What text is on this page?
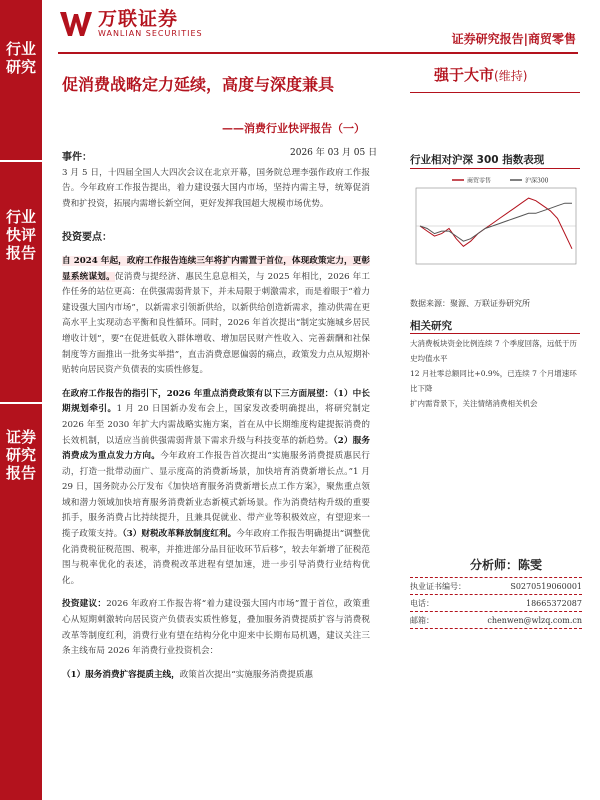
行业研究
行业快评报告
证券研究报告
万联证券
WANLIAN SECURITIES	证券研究报告|商贸零售
促消费战略定力延续，高度与深度兼具
——消费行业快评报告（一）
2026 年 03 月 05 日
强于大市(维持)
事件：

3 月 5 日，十四届全国人大四次会议在北京开幕，国务院总理李强作政府工作报告。今年政府工作报告提出，着力建设强大国内市场，坚持内需主导，统筹促消费和扩投资，拓展内需增长新空间，更好发挥我国超大规模市场优势。

投资要点：

自 2024 年起，政府工作报告连续三年将扩内需置于首位，体现政策定力，更彰显系统谋划。促消费与提经济、惠民生息息相关，与 2025 年相比，2026 年工作任务的站位更高：在供强需弱背景下，并未局限于刺激需求，而是着眼于“着力建设强大国内市场”，以新需求引领新供给，以新供给创造新需求，推动供需在更高水平上实现动态平衡和良性循环。同时，2026 年首次提出“制定实施城乡居民增收计划”，要“在促进低收入群体增收、增加居民财产性收入、完善薪酬和社保制度等方面推出一批务实举措”，直击消费意愿偏弱的痛点，政策发力点从短期补贴转向居民资产负债表的实质性修复。

在政府工作报告的指引下，2026 年重点消费政策有以下三方面展望：（1）中长期规划牵引。1 月 20 日国新办发布会上，国家发改委明确提出，将研究制定 2026 年至 2030 年扩大内需战略实施方案，首在从中长期维度构建提振消费的长效机制，以适应当前供强需弱背景下需求升级与科技变革的新趋势。（2）服务消费成为重点发力方向。今年政府工作报告首次提出“实施服务消费提质惠民行动，打造一批带动面广、显示度高的消费新场景，加快培育消费新增长点。”1 月 29 日，国务院办公厅发布《加快培育服务消费新增长点工作方案》，聚焦重点领域和潜力领域加快培育服务消费新业态新模式新场景。作为消费结构升级的重要抓手，服务消费占比持续提升，且兼具促就业、带产业等积极效应，有望迎来一揽子政策支持。（3）财税改革释放制度红利。今年政府工作报告明确提出“调整优化消费税征税范围、税率，并推进部分品目征收环节后移”，较去年新增了征税范围与税率优化的表述，消费税改革进程有望加速，进一步引导消费行业结构优化。

投资建议：2026 年政府工作报告将“着力建设强大国内市场”置于首位，政策重心从短期刺激转向居民资产负债表实质性修复，叠加服务消费提质扩容与消费税改革等制度红利，消费行业有望在结构分化中迎来中长期布局机遇，建议关注三条主线布局 2026 年消费行业投资机会：

（1）服务消费扩容提质主线，政策首次提出“实施服务消费提质惠

行业相对沪深 300 指数表现
商贸零售	沪深300
数据来源：聚源、万联证券研究所
相关研究
大消费板块资金比例连续 7 个季度回落，远低于历史均值水平
12 月社零总额同比+0.9%，已连续 7 个月增速环比下降
扩内需背景下，关注情绪消费相关机会
分析师：陈雯
执业证书编号：	S0270519060001
电话：	18665372087
邮箱：	chenwen@wlzq.com.cn
